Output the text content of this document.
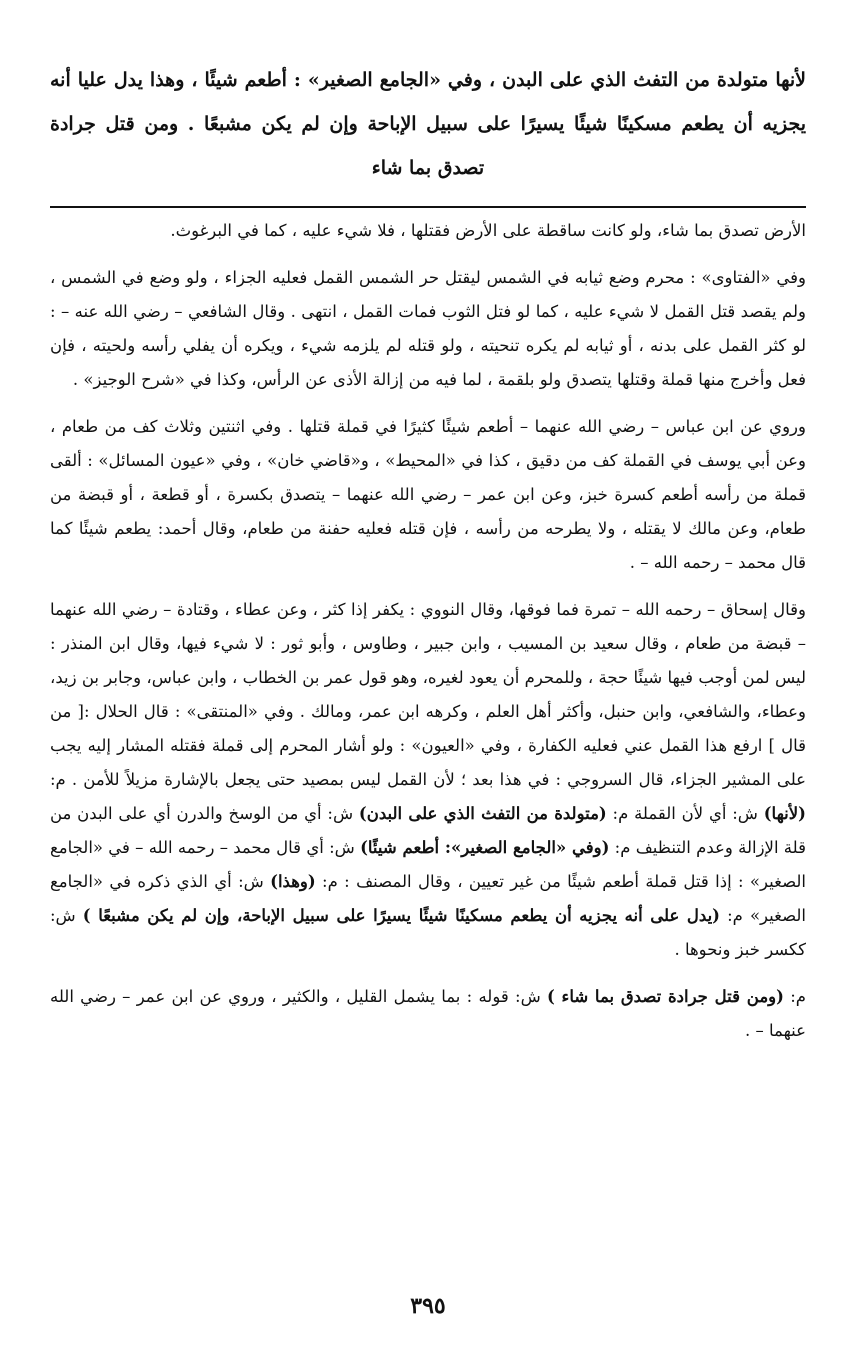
لأنها متولدة من التفث الذي على البدن ، وفي «الجامع الصغير» : أطعم شيئًا ، وهذا يدل عليا أنه يجزيه أن يطعم مسكينًا شيئًا يسيرًا على سبيل الإباحة وإن لم يكن مشبعًا . ومن قتل جرادة تصدق بما شاء

الأرض تصدق بما شاء، ولو كانت ساقطة على الأرض فقتلها ، فلا شيء عليه ، كما في البرغوث.

وفي «الفتاوى» : محرم وضع ثيابه في الشمس ليقتل حر الشمس القمل فعليه الجزاء ، ولو وضع في الشمس ، ولم يقصد قتل القمل لا شيء عليه ، كما لو فتل الثوب فمات القمل ، انتهى . وقال الشافعي – رضي الله عنه – : لو كثر القمل على بدنه ، أو ثيابه لم يكره تنحيته ، ولو قتله لم يلزمه شيء ، ويكره أن يفلي رأسه ولحيته ، فإن فعل وأخرج منها قملة وقتلها يتصدق ولو بلقمة ، لما فيه من إزالة الأذى عن الرأس، وكذا في «شرح الوجيز» .

وروي عن ابن عباس – رضي الله عنهما – أطعم شيئًا كثيرًا في قملة قتلها . وفي اثنتين وثلاث كف من طعام ، وعن أبي يوسف في القملة كف من دقيق ، كذا في «المحيط» ، و«قاضي خان» ، وفي «عيون المسائل» : ألقى قملة من رأسه أطعم كسرة خبز، وعن ابن عمر – رضي الله عنهما – يتصدق بكسرة ، أو قطعة ، أو قبضة من طعام، وعن مالك لا يقتله ، ولا يطرحه من رأسه ، فإن قتله فعليه حفنة من طعام، وقال أحمد: يطعم شيئًا كما قال محمد – رحمه الله – .

وقال إسحاق – رحمه الله – تمرة فما فوقها، وقال النووي : يكفر إذا كثر ، وعن عطاء ، وقتادة – رضي الله عنهما – قبضة من طعام ، وقال سعيد بن المسيب ، وابن جبير ، وطاوس ، وأبو ثور : لا شيء فيها، وقال ابن المنذر : ليس لمن أوجب فيها شيئًا حجة ، وللمحرم أن يعود لغيره، وهو قول عمر بن الخطاب ، وابن عباس، وجابر بن زيد، وعطاء، والشافعي، وابن حنبل، وأكثر أهل العلم ، وكرهه ابن عمر، ومالك . وفي «المنتقى» : قال الحلال :[ من قال ] ارفع هذا القمل عني فعليه الكفارة ، وفي «العيون» : ولو أشار المحرم إلى قملة فقتله المشار إليه يجب على المشير الجزاء، قال السروجي : في هذا بعد ؛ لأن القمل ليس بمصيد حتى يجعل بالإشارة مزيلاً للأمن . م: (لأنها) ش: أي لأن القملة م: (متولدة من التفث الذي على البدن) ش: أي من الوسخ والدرن أي على البدن من قلة الإزالة وعدم التنظيف م: (وفي «الجامع الصغير»: أطعم شيئًا) ش: أي قال محمد – رحمه الله – في «الجامع الصغير» : إذا قتل قملة أطعم شيئًا من غير تعيين ، وقال المصنف : م: (وهذا) ش: أي الذي ذكره في «الجامع الصغير» م: (يدل على أنه يجزيه أن يطعم مسكينًا شيئًا يسيرًا على سبيل الإباحة، وإن لم يكن مشبعًا ) ش: ككسر خبز ونحوها .

م: (ومن قتل جرادة تصدق بما شاء ) ش: قوله : بما يشمل القليل ، والكثير ، وروي عن ابن عمر – رضي الله عنهما – .

٣٩٥
